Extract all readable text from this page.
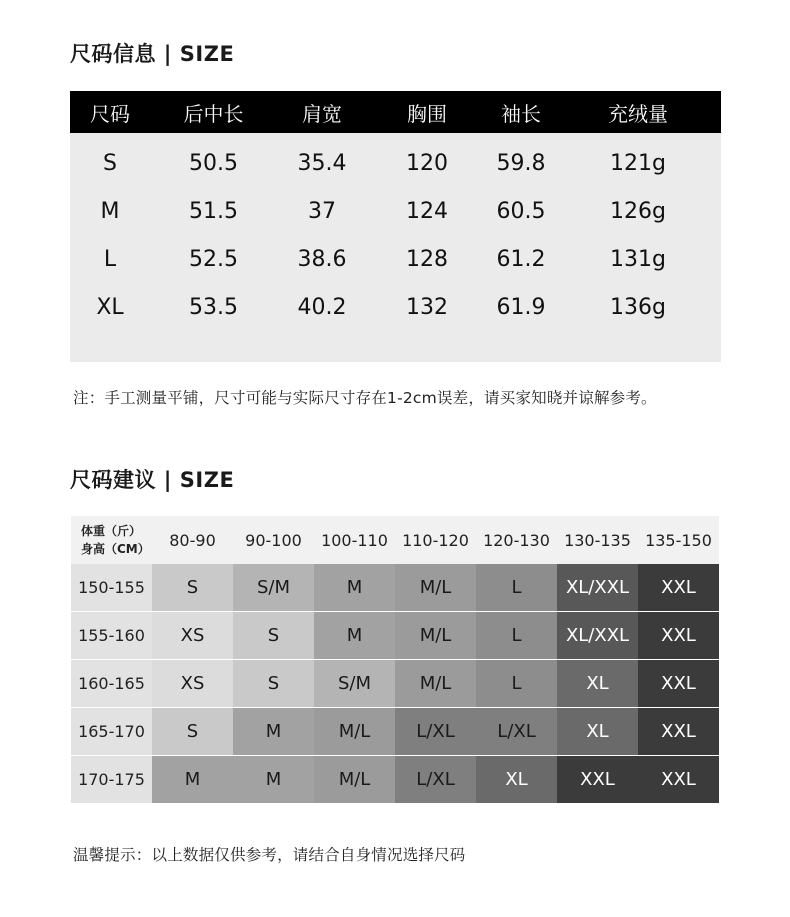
尺码信息 | SIZE
尺码	后中长	肩宽	胸围	袖长	充绒量
S	50.5	35.4	120	59.8	121g
M	51.5	37	124	60.5	126g
L	52.5	38.6	128	61.2	131g
XL	53.5	40.2	132	61.9	136g
注：手工测量平铺，尺寸可能与实际尺寸存在1-2cm误差，请买家知晓并谅解参考。
尺码建议 | SIZE
体重（斤）
身高（CM）	80-90	90-100	100-110 110-120 120-130 130-135 135-150
150-155	S	S/M	M	M/L	L	XL/XXL	XXL
155-160	XS	S	M	M/L	L	XL/XXL	XXL
160-165	XS	S	S/M	M/L	L	XL	XXL
165-170	S	M	M/L	L/XL	L/XL	XL	XXL
170-175	M	M	M/L	L/XL	XL	XXL	XXL
温馨提示：以上数据仅供参考，请结合自身情况选择尺码
